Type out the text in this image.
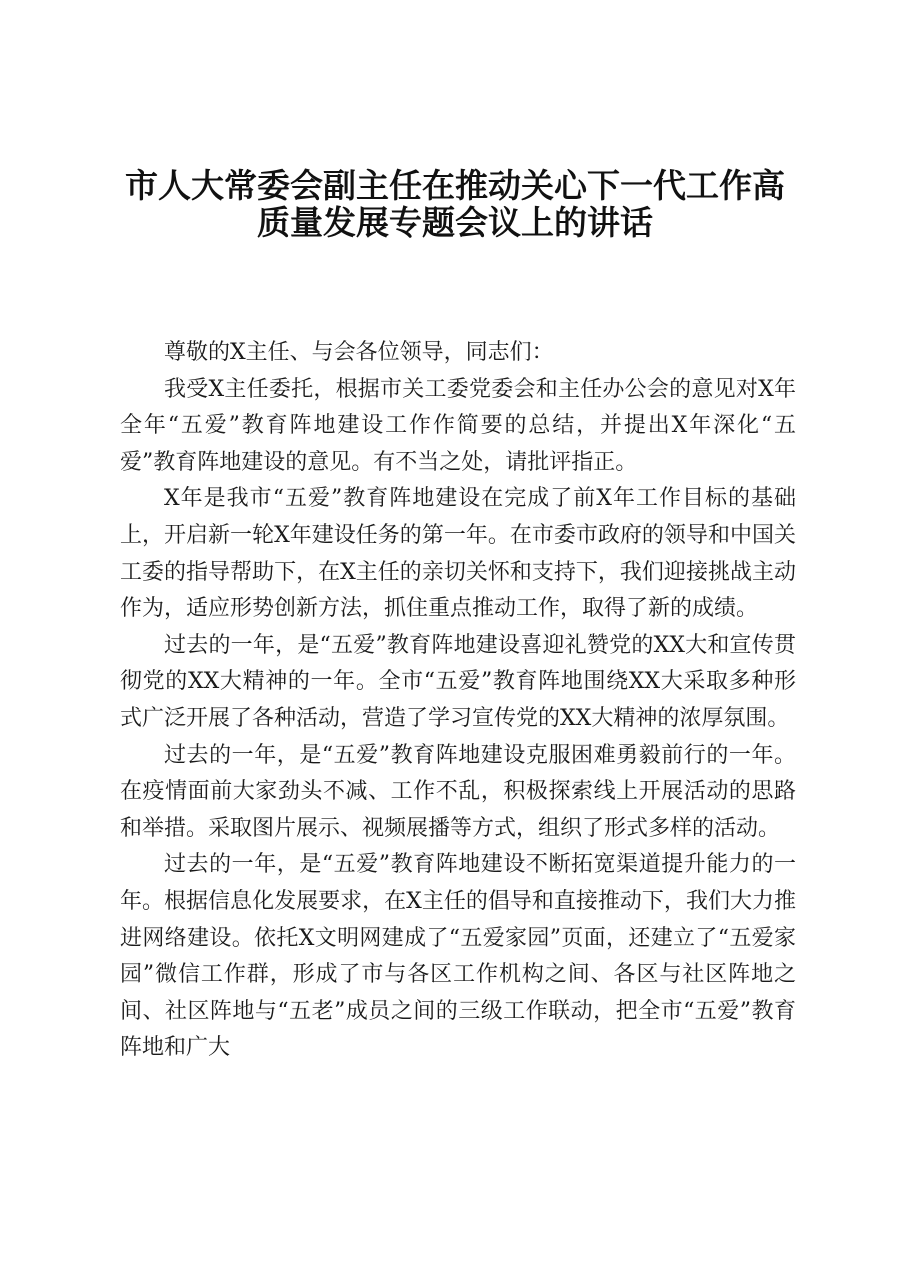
市人大常委会副主任在推动关心下一代工作高
质量发展专题会议上的讲话

尊敬的X主任、与会各位领导，同志们：

我受X主任委托，根据市关工委党委会和主任办公会的意见对X年全年“五爱”教育阵地建设工作作简要的总结，并提出X年深化“五爱”教育阵地建设的意见。有不当之处，请批评指正。

X年是我市“五爱”教育阵地建设在完成了前X年工作目标的基础上，开启新一轮X年建设任务的第一年。在市委市政府的领导和中国关工委的指导帮助下，在X主任的亲切关怀和支持下，我们迎接挑战主动作为，适应形势创新方法，抓住重点推动工作，取得了新的成绩。

过去的一年，是“五爱”教育阵地建设喜迎礼赞党的XX大和宣传贯彻党的XX大精神的一年。全市“五爱”教育阵地围绕XX大采取多种形式广泛开展了各种活动，营造了学习宣传党的XX大精神的浓厚氛围。

过去的一年，是“五爱”教育阵地建设克服困难勇毅前行的一年。在疫情面前大家劲头不减、工作不乱，积极探索线上开展活动的思路和举措。采取图片展示、视频展播等方式，组织了形式多样的活动。

过去的一年，是“五爱”教育阵地建设不断拓宽渠道提升能力的一年。根据信息化发展要求，在X主任的倡导和直接推动下，我们大力推进网络建设。依托X文明网建成了“五爱家园”页面，还建立了“五爱家园”微信工作群，形成了市与各区工作机构之间、各区与社区阵地之间、社区阵地与“五老”成员之间的三级工作联动，把全市“五爱”教育阵地和广大
